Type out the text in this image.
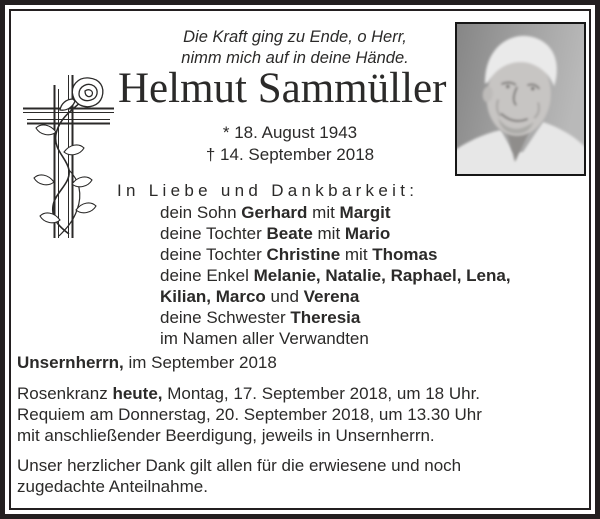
Die Kraft ging zu Ende, o Herr,
nimm mich auf in deine Hände.
Helmut Sammüller
* 18. August 1943
† 14. September 2018
In Liebe und Dankbarkeit:
dein Sohn Gerhard mit Margit
deine Tochter Beate mit Mario
deine Tochter Christine mit Thomas
deine Enkel Melanie, Natalie, Raphael, Lena,
Kilian, Marco und Verena
deine Schwester Theresia
im Namen aller Verwandten
Unsernherrn, im September 2018
Rosenkranz heute, Montag, 17. September 2018, um 18 Uhr.
Requiem am Donnerstag, 20. September 2018, um 13.30 Uhr
mit anschließender Beerdigung, jeweils in Unsernherrn.
Unser herzlicher Dank gilt allen für die erwiesene und noch
zugedachte Anteilnahme.
